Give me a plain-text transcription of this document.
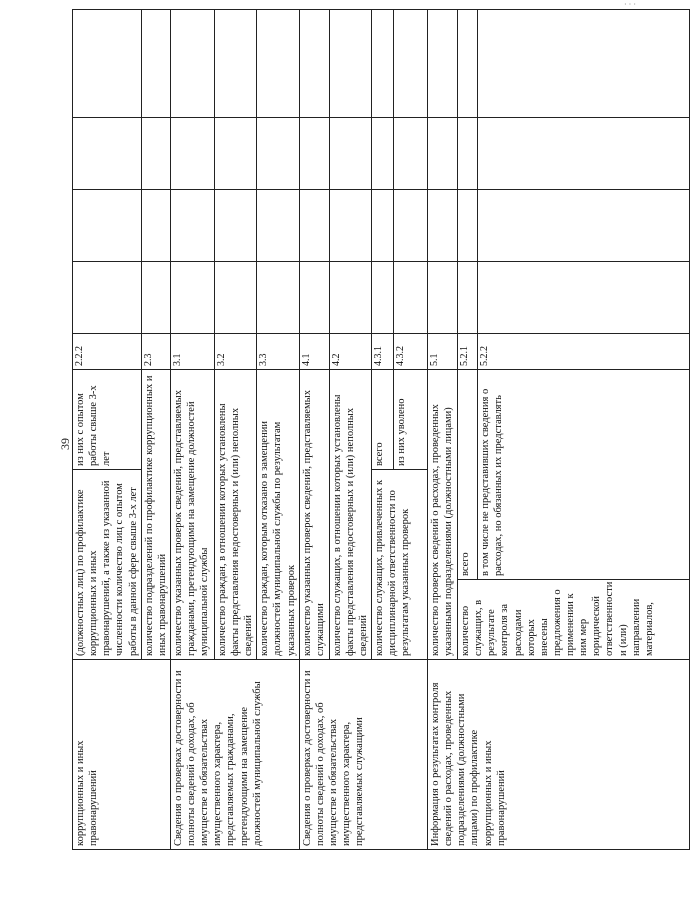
· · ·
39
коррупционных и иных правонарушений	(должностных лиц) по профилактике коррупционных и иных правонарушений, а также из указанной численности количество лиц с опытом работы в данной сфере свыше 3-х лет		из них с опытом работы свыше 3-х лет	2.2.2				
	количество подразделений по профилактике коррупционных и иных правонарушений			2.3				
Сведения о проверках достоверности и полноты сведений о доходах, об имуществе и обязательствах имущественного характера, представляемых гражданами, претендующими на замещение должностей муниципальной службы	количество указанных проверок сведений, представляемых гражданами, претендующими на замещение должностей муниципальной службы			3.1				
	количество граждан, в отношении которых установлены факты представления недостоверных и (или) неполных сведений			3.2				
	количество граждан, которым отказано в замещении должностей муниципальной службы по результатам указанных проверок			3.3				
Сведения о проверках достоверности и полноты сведений о доходах, об имуществе и обязательствах имущественного характера, представляемых служащими	количество указанных проверок сведений, представляемых служащими			4.1				
	количество служащих, в отношении которых установлены факты представления недостоверных и (или) неполных сведений			4.2				
	количество служащих, привлеченных к дисциплинарной ответственности по результатам указанных проверок		всего	4.3.1				
			из них уволено	4.3.2				
Информация о результатах контроля сведений о расходах, проведенных подразделениями (должностными лицами) по профилактике коррупционных и иных правонарушений	количество проверок сведений о расходах, проведенных указанными подразделениями (должностными лицами)			5.1				
	количество служащих, в результате контроля за расходами которых внесены предложения о применении к ним мер юридической ответственности и (или) направлении материалов,	всего		5.2.1				
		в том числе не представивших сведения о расходах, но обязанных их представлять		5.2.2				
